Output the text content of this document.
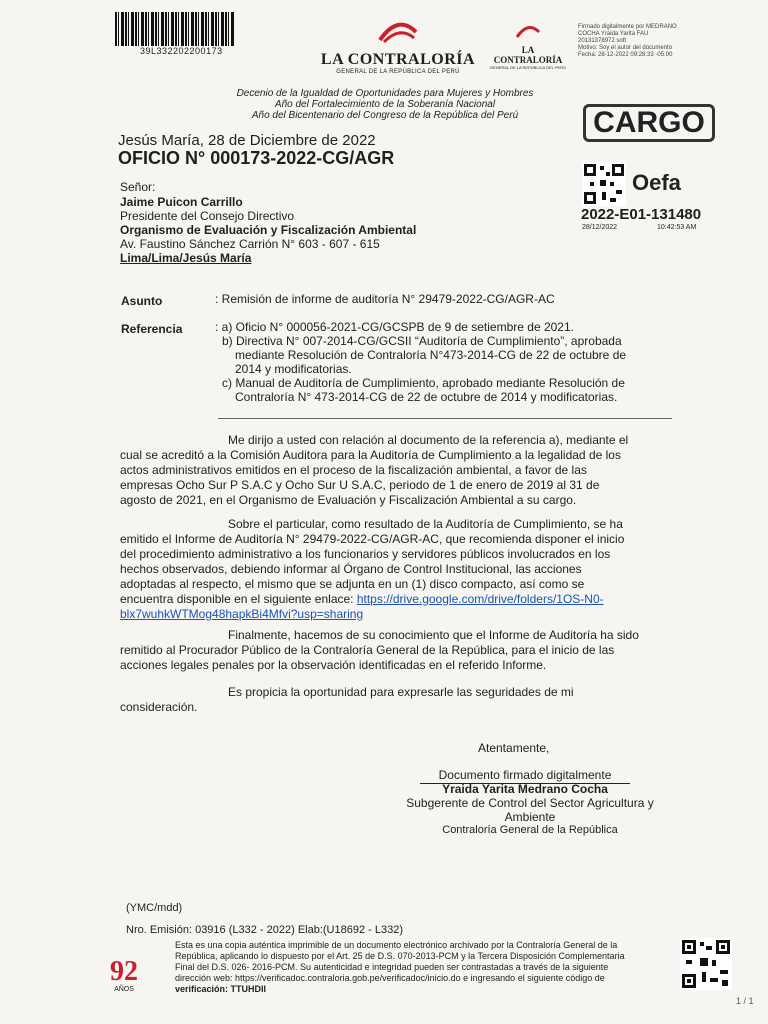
39L332202200173	LA CONTRALORÍA
GENERAL DE LA REPÚBLICA DEL PERÚ
LA CONTRALORÍA
GENERAL DE LA REPÚBLICA DEL PERÚ
Firmado digitalmente por MEDRANO
COCHA Yraida Yarita FAU
20131378972 soft
Motivo: Soy el autor del documento
Fecha: 28-12-2022 09:28:33 -05:00
Decenio de la Igualdad de Oportunidades para Mujeres y Hombres
Año del Fortalecimiento de la Soberanía Nacional
Año del Bicentenario del Congreso de la República del Perú	CARGO
Oefa
2022-E01-131480
28/12/2022	10:42:53 AM
Jesús María, 28 de Diciembre de 2022
OFICIO N° 000173-2022-CG/AGR
Señor:
Jaime Puicon Carrillo
Presidente del Consejo Directivo
Organismo de Evaluación y Fiscalización Ambiental
Av. Faustino Sánchez Carrión N° 603 - 607 - 615
Lima/Lima/Jesús María
Asunto	: Remisión de informe de auditoría N° 29479-2022-CG/AGR-AC
Referencia	: a) Oficio N° 000056-2021-CG/GCSPB de 9 de setiembre de 2021.
b) Directiva N° 007-2014-CG/GCSII “Auditoría de Cumplimiento”, aprobada
mediante Resolución de Contraloría N°473-2014-CG de 22 de octubre de
2014 y modificatorias.
c) Manual de Auditoría de Cumplimiento, aprobado mediante Resolución de
Contraloría N° 473-2014-CG de 22 de octubre de 2014 y modificatorias.
Me dirijo a usted con relación al documento de la referencia a), mediante el
cual se acreditó a la Comisión Auditora para la Auditoría de Cumplimiento a la legalidad de los
actos administrativos emitidos en el proceso de la fiscalización ambiental, a favor de las
empresas Ocho Sur P S.A.C y Ocho Sur U S.A.C, periodo de 1 de enero de 2019 al 31 de
agosto de 2021, en el Organismo de Evaluación y Fiscalización Ambiental a su cargo.
Sobre el particular, como resultado de la Auditoría de Cumplimiento, se ha
emitido el Informe de Auditoría N° 29479-2022-CG/AGR-AC, que recomienda disponer el inicio
del procedimiento administrativo a los funcionarios y servidores públicos involucrados en los
hechos observados, debiendo informar al Órgano de Control Institucional, las acciones
adoptadas al respecto, el mismo que se adjunta en un (1) disco compacto, así como se
encuentra disponible en el siguiente enlace: https://drive.google.com/drive/folders/1OS-N0-
blx7wuhkWTMog48hapkBi4Mfvi?usp=sharing
Finalmente, hacemos de su conocimiento que el Informe de Auditoría ha sido
remitido al Procurador Público de la Contraloría General de la República, para el inicio de las
acciones legales penales por la observación identificadas en el referido Informe.
Es propicia la oportunidad para expresarle las seguridades de mi
consideración.
Atentamente,
Documento firmado digitalmente
Yraida Yarita Medrano Cocha
Subgerente de Control del Sector Agricultura y
Ambiente
Contraloría General de la República
(YMC/mdd)
Nro. Emisión: 03916 (L332 - 2022) Elab:(U18692 - L332)
Esta es una copia auténtica imprimible de un documento electrónico archivado por la Contraloría General de la
República, aplicando lo dispuesto por el Art. 25 de D.S. 070-2013-PCM y la Tercera Disposición Complementaria
Final del D.S. 026- 2016-PCM. Su autenticidad e integridad pueden ser contrastadas a través de la siguiente
dirección web: https://verificadoc.contraloria.gob.pe/verificadoc/inicio.do e ingresando el siguiente código de
verificación: TTUHDII
92
AÑOS
1 / 1
